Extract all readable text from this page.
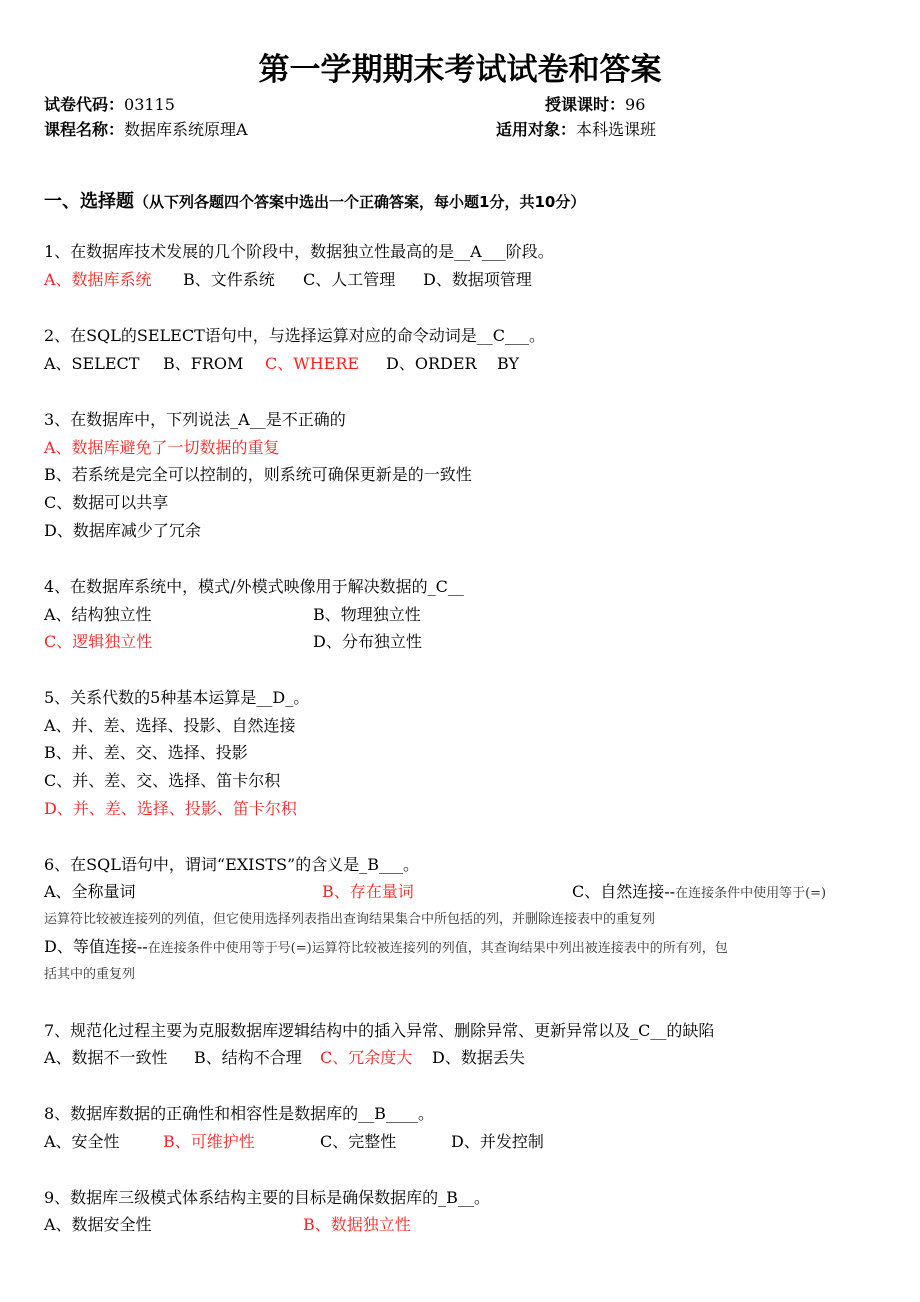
第一学期期末考试试卷和答案
试卷代码：03115	授课课时：96
课程名称：数据库系统原理A	适用对象：本科选课班
一、选择题（从下列各题四个答案中选出一个正确答案，每小题1分，共10分）
1、在数据库技术发展的几个阶段中，数据独立性最高的是__A___阶段。
A、数据库系统 B、文件系统 C、人工管理 D、数据项管理
2、在SQL的SELECT语句中，与选择运算对应的命令动词是__C___。
A、SELECT B、FROM C、WHERE D、ORDER BY
3、在数据库中，下列说法_A__是不正确的
A、数据库避免了一切数据的重复
B、若系统是完全可以控制的，则系统可确保更新是的一致性
C、数据可以共享
D、数据库减少了冗余
4、在数据库系统中，模式/外模式映像用于解决数据的_C__
A、结构独立性	B、物理独立性
C、逻辑独立性	D、分布独立性
5、关系代数的5种基本运算是__D_。
A、并、差、选择、投影、自然连接
B、并、差、交、选择、投影
C、并、差、交、选择、笛卡尔积
D、并、差、选择、投影、笛卡尔积
6、在SQL语句中，谓词“EXISTS”的含义是_B___。
A、全称量词	B、存在量词	C、自然连接--在连接条件中使用等于(=)
运算符比较被连接列的列值，但它使用选择列表指出查询结果集合中所包括的列，并删除连接表中的重复列
D、等值连接--在连接条件中使用等于号(=)运算符比较被连接列的列值，其查询结果中列出被连接表中的所有列，包
括其中的重复列
7、规范化过程主要为克服数据库逻辑结构中的插入异常、删除异常、更新异常以及_C__的缺陷
A、数据不一致性 B、结构不合理 C、冗余度大 D、数据丢失
8、数据库数据的正确性和相容性是数据库的__B____。
A、安全性	B、可维护性	C、完整性	D、并发控制
9、数据库三级模式体系结构主要的目标是确保数据库的_B__。
A、数据安全性	B、数据独立性
